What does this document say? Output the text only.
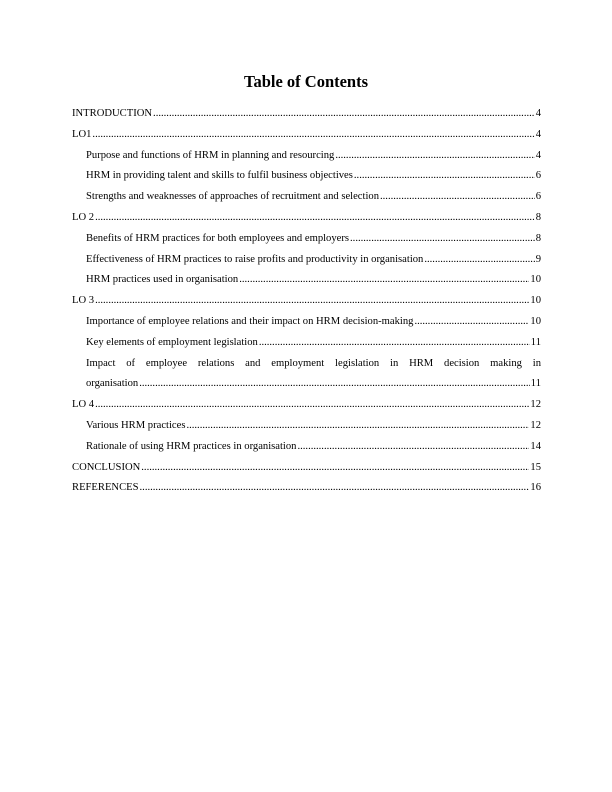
Table of Contents
INTRODUCTION .....	4
LO1 .....	4
Purpose and functions of HRM in planning and resourcing .....	4
HRM in providing talent and skills to fulfil business objectives .....	6
Strengths and weaknesses of approaches of recruitment and selection .....	6
LO 2 .....	8
Benefits of HRM practices for both employees and employers .....	8
Effectiveness of HRM practices to raise profits and productivity in organisation .....	9
HRM practices used in organisation .....	10
LO 3 .....	10
Importance of employee relations and their impact on HRM decision-making .....	10
Key elements of employment legislation .....	11
Impact of employee relations and employment legislation in HRM decision making in
organisation .....	11
LO 4 .....	12
Various HRM practices .....	12
Rationale of using HRM practices in organisation .....	14
CONCLUSION .....	15
REFERENCES .....	16
